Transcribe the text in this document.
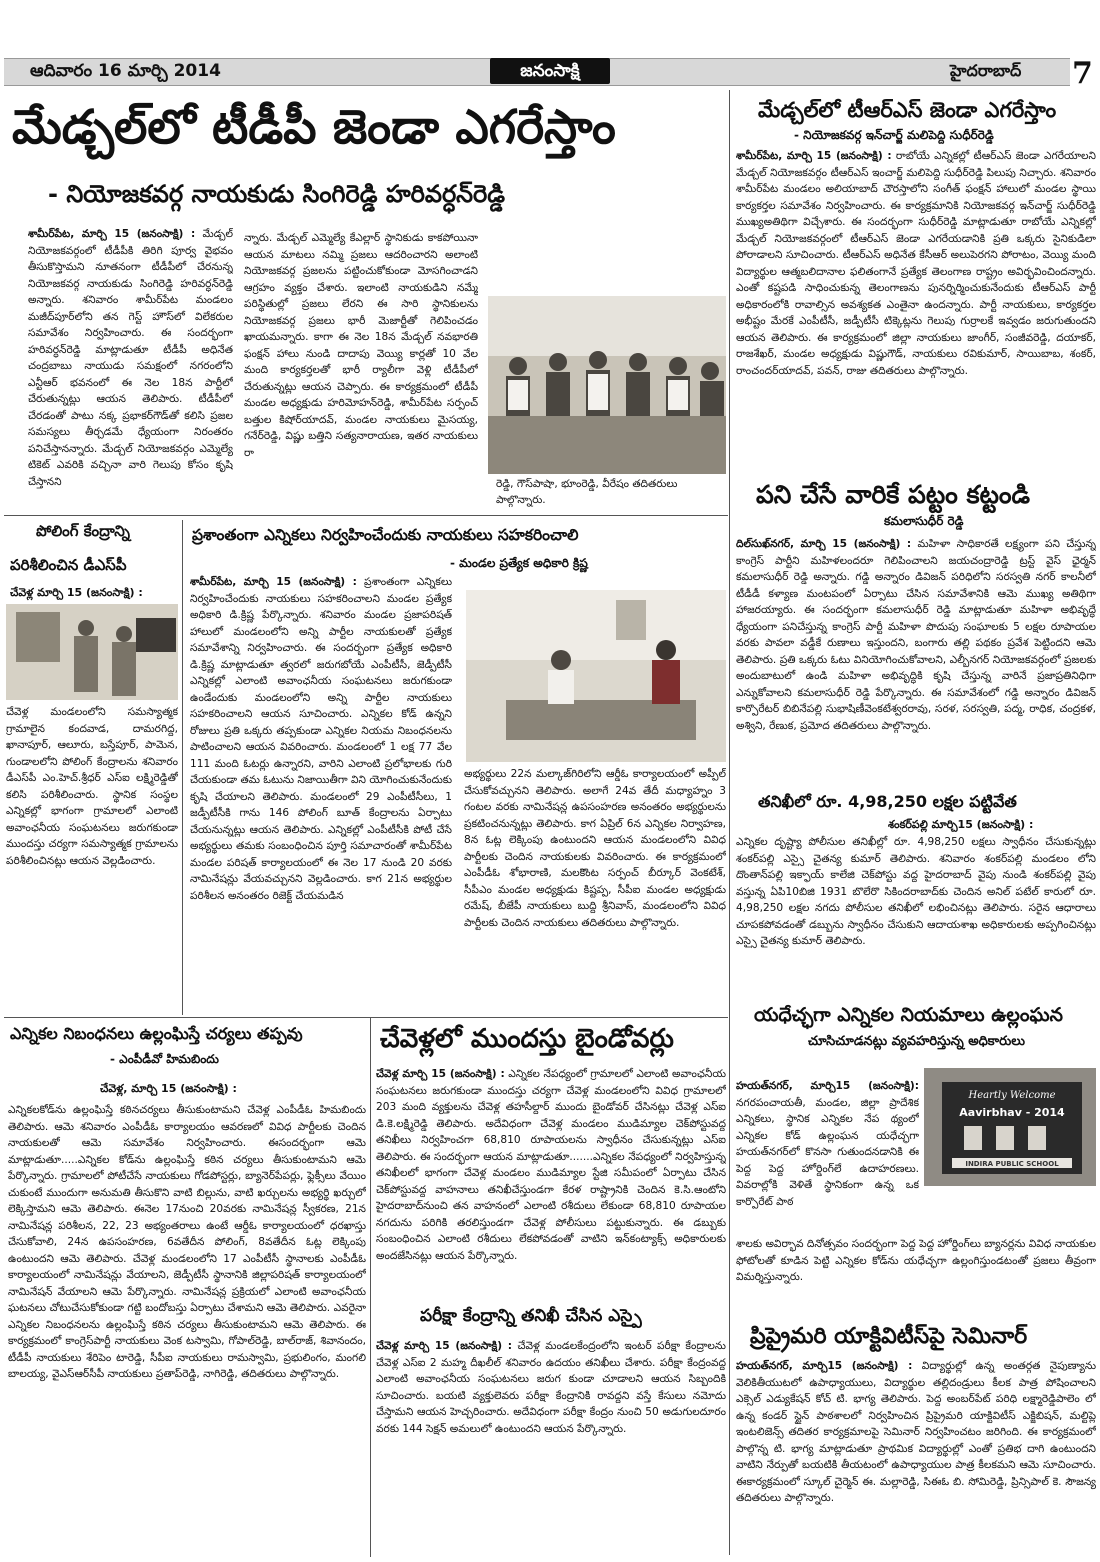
ఆదివారం 16 మార్చి 2014	జనంసాక్షి	హైదరాబాద్ 7
మేడ్చల్‌లో టీడీపీ జెండా ఎగరేస్తాం
- నియోజకవర్గ నాయకుడు సింగిరెడ్డి హరివర్ధన్‌రెడ్డి
శామీర్‌పేట, మార్చి 15 (జనంసాక్షి) : మేడ్చల్ నియోజకవర్గంలో టీడీపీకి తిరిగి పూర్వ వైభవం తీసుకొస్తామని నూతనంగా టీడీపీలో చేరనున్న నియోజకవర్గ నాయకుడు సింగిరెడ్డి హరివర్ధన్‌రెడ్డి అన్నారు. శనివారం శామీర్‌పేట మండలం మజీద్‌పూర్‌లోని తన గెస్ట్ హౌస్‌లో విలేకరుల సమావేశం నిర్వహించారు. ఈ సందర్భంగా హరివర్ధన్‌రెడ్డి మాట్లాడుతూ టీడీపీ అధినేత చంద్రబాబు నాయుడు సమక్షంలో నగరంలోని ఎన్టీఆర్ భవనంలో ఈ నెల 18న పార్టీలో చేరుతున్నట్లు ఆయన తెలిపారు. టీడీపీలో చేరడంతో పాటు నక్క ప్రభాకర్‌గౌడ్‌తో కలిసి ప్రజల సమస్యలు తీర్చడమే ధ్యేయంగా నిరంతరం పనిచేస్తానన్నారు. మేడ్చల్ నియోజకవర్గం ఎమ్మెల్యే టికెట్ ఎవరికి వచ్చినా వారి గెలుపు కోసం కృషి చేస్తానని
న్నారు. మేడ్చల్ ఎమ్మెల్యే కేఎల్లార్ స్థానికుడు కాకపోయినా ఆయన మాటలు నమ్మి ప్రజలు ఆదరించారని అలాంటి నియోజకవర్గ ప్రజలను పట్టించుకోకుండా మోసగించాడని ఆగ్రహం వ్యక్తం చేశారు. ఇలాంటి నాయకుడిని నమ్మే పరిస్థితుల్లో ప్రజలు లేరని ఈ సారి స్థానికులను నియోజకవర్గ ప్రజలు భారీ మెజార్టీతో గెలిపించడం ఖాయమన్నారు. కాగా ఈ నెల 18న మేడ్చల్ నవభారతి ఫంక్షన్ హాలు నుండి దాదాపు వెయ్యి కార్లతో 10 వేల మంది కార్యకర్తలతో భారీ ర్యాలీగా వెళ్లి టీడీపీలో చేరుతున్నట్లు ఆయన చెప్పారు. ఈ కార్యక్రమంలో టీడీపీ మండల అధ్యక్షుడు హరిమోహన్‌రెడ్డి, శామీర్‌పేట సర్పంచ్ బత్తుల కిషోర్‌యాదవ్, మండల నాయకులు మైసయ్య, గనేర్‌రెడ్డి, విష్ణు బత్తిని సత్యనారాయణ, ఇతర నాయకులు రా
రెడ్డి, గౌస్‌పాషా, భూంరెడ్డి, వీరేషం తదితరులు పాల్గొన్నారు.
మేడ్చల్‌లో టీఆర్‌ఎస్ జెండా ఎగరేస్తాం
- నియోజకవర్గ ఇన్‌చార్జ్ మలిపెద్ది సుధీర్‌రెడ్డి
శామీర్‌పేట, మార్చి 15 (జనంసాక్షి) : రాబోయే ఎన్నికల్లో టీఆర్‌ఎస్ జెండా ఎగరేయాలని మేడ్చల్ నియోజకవర్గం టీఆర్‌ఎస్ ఇంచార్జ్ మలిపెద్ది సుధీర్‌రెడ్డి పిలుపు నిచ్చారు. శనివారం శామీర్‌పేట మండలం అలియాబాద్ చౌరస్తాలోని సంగీత్ ఫంక్షన్ హాలులో మండల స్థాయి కార్యకర్తల సమావేశం నిర్వహించారు. ఈ కార్యక్రమానికి నియోజకవర్గ ఇన్‌చార్జ్ సుధీర్‌రెడ్డి ముఖ్యఅతిథిగా విచ్చేశారు. ఈ సందర్భంగా సుధీర్‌రెడ్డి మాట్లాడుతూ రాబోయే ఎన్నికల్లో మేడ్చల్ నియోజకవర్గంలో టీఆర్‌ఎస్ జెండా ఎగరేయడానికి ప్రతి ఒక్కరు సైనికుడిలా పోరాడాలని సూచించారు. టీఆర్‌ఎస్ అధినేత కేసీఆర్ అలుపెరగని పోరాటం, వెయ్యి మంది విద్యార్థుల ఆత్మబలిదానాల ఫలితంగానే ప్రత్యేక తెలంగాణ రాష్ట్రం అవిర్భవించిందన్నారు. ఎంతో కష్టపడి సాధించుకున్న తెలంగాణను పునర్నిర్మించుకునేందుకు టీఆర్‌ఎస్ పార్టీ అధికారంలోకి రావాల్సిన అవశ్యకత ఎంతైనా ఉందన్నారు. పార్టీ నాయకులు, కార్యకర్తల అభీష్టం మేరకే ఎంపీటీసీ, జడ్పీటీసీ టిక్కెట్లను గెలుపు గుర్రాలకే ఇవ్వడం జరుగుతుందని ఆయన తెలిపారు. ఈ కార్యక్రమంలో జిల్లా నాయకులు జాంగీర్, సంజీవరెడ్డి, దయాకర్, రాజశేఖర్, మండల అధ్యక్షుడు విష్ణుగౌడ్, నాయకులు రవికుమార్, సాయిబాబ, శంకర్, రాంచందర్‌యాదవ్, పవన్, రాజు తదితరులు పాల్గొన్నారు.
పని చేసే వారికే పట్టం కట్టండి
కమలాసుధీర్ రెడ్డి
దిల్‌సుఖ్‌నగర్, మార్చి 15 (జనంసాక్షి) : మహిళా సాధికారతే లక్ష్యంగా పని చేస్తున్న కాంగ్రెస్ పార్టీని మహిళలందరూ గెలిపించాలని జయచంద్రారెడ్డి ట్రస్ట్ వైస్ ఛైర్మన్ కమలాసుధీర్ రెడ్డి అన్నారు. గడ్డి అన్నారం డివిజన్ పరిధిలోని సరస్వతి నగర్ కాలనీలో టీడీడీ కళ్యాణ మంటపంలో ఏర్పాటు చేసిన సమావేశానికి ఆమె ముఖ్య అతిథిగా హాజరయ్యారు. ఈ సందర్భంగా కమలాసుధీర్ రెడ్డి మాట్లాడుతూ మహిళా అభివృద్ధే ధ్యేయంగా పనిచేస్తున్న కాంగ్రెస్ పార్టీ మహిళా పొదుపు సంఘాలకు 5 లక్షల రూపాయల వరకు పావలా వడ్డీకే రుణాలు ఇస్తుందని, బంగారు తల్లి పథకం ప్రవేశ పెట్టిందని ఆమె తెలిపారు. ప్రతి ఒక్కరు ఓటు వినియోగించుకోవాలని, ఎల్బీనగర్ నియోజకవర్గంలో ప్రజలకు అందుబాటులో ఉండి మహిళా అభివృద్ధికి కృషి చేస్తున్న వారినే ప్రజాప్రతినిధిగా ఎన్నుకోవాలని కమలాసుధీర్ రెడ్డి పేర్కొన్నారు. ఈ సమావేశంలో గడ్డి అన్నారం డివిజన్ కార్పొరేటర్ బిబినేపల్లి సుభాషిణీవెంకటేశ్వరరావు, సరళ, సరస్వతి, పద్మ, రాధిక, చంద్రకళ, అశ్విని, రేణుక, ప్రమోద తదితరులు పాల్గొన్నారు.
తనిఖీలో రూ. 4,98,250 లక్షల పట్టివేత
శంకర్‌పల్లి మార్చి15 (జనంసాక్షి) :
ఎన్నికల దృష్ట్యా పోలీసుల తనిఖీల్లో రూ. 4,98,250 లక్షలు స్వాధీనం చేసుకున్నట్లు శంకర్‌పల్లి ఎస్సై చైతన్య కుమార్ తెలిపారు. శనివారం శంకర్‌పల్లి మండలం లోని దొంతాన్‌పల్లి ఇక్ఫాయ్ కాలేజి చెక్‌పోస్టు వద్ద హైదరాబాద్ వైపు నుండి శంకర్‌పల్లి వైపు వస్తున్న ఏపి10బిజి 1931 బొలేరొ సికిందరాబాద్‌కు చెందిన అనిల్ పటేల్ కారులో రూ. 4,98,250 లక్షల నగదు పోలీసుల తనిఖీలో లభించినట్లు తెలిపారు. సరైన ఆధారాలు చూపకపోవడంతో డబ్బును స్వాధీనం చేసుకుని ఆదాయశాఖ అధికారులకు అప్పగించినట్లు ఎస్సై చైతన్య కుమార్ తెలిపారు.
యధేచ్ఛగా ఎన్నికల నియమాలు ఉల్లంఘన
చూసిచూడనట్లు వ్యవహరిస్తున్న అధికారులు
హయత్‌నగర్, మార్చి15 (జనంసాక్షి): నగరపంచాయతీ, మండల, జిల్లా ప్రాదేశిక ఎన్నికలు, స్థానిక ఎన్నికల నేప థ్యంలో ఎన్నికల కోడ్ ఉల్లంఘన యధేచ్ఛగా హయత్‌నగర్‌లో కొనసా గుతుందనడానికి ఈ పెద్ద పెద్ద హోర్డింగ్‌లే ఉదాహరణలు. వివరాల్లోకి వెళితే స్థానికంగా ఉన్న ఒక కార్పొరేట్ పాఠ
Heartly Welcome
Aavirbhav - 2014
INDIRA PUBLIC SCHOOL
శాలకు అవిర్భావ దినోత్సవం సందర్భంగా పెద్ద పెద్ద హోర్డింగ్‌లు బ్యానర్లను వివిధ నాయకుల ఫోటోలతో కూడిన పెట్టి ఎన్నికల కోడ్‌ను యధేచ్ఛగా ఉల్లంగిస్తుండటంతో ప్రజలు తీవ్రంగా విమర్శిస్తున్నారు.
ప్రిప్రైమరి యాక్టివిటీస్‌పై సెమినార్
హయత్‌నగర్, మార్చి15 (జనంసాక్షి) : విద్యార్థుల్లో ఉన్న అంతర్గత నైపుణ్యాను వెలికితీయుటలో ఉపాధ్యాయులు, విద్యార్థుల తల్లిదండ్రులు కీలక పాత్ర పోషించాలని ఎక్సెల్ ఎడ్యుకేషన్ కోచ్ టి. భాగ్య తెలిపారు. పెద్ద అంబర్‌పేట్ పరిధి లక్ష్మారెడ్డిపాలెం లో ఉన్న కండర్ స్టైన్ పాఠశాలలో నిర్వహించిన ప్రిప్రైమరి యాక్టివిటీస్ ఎక్జిబిషన్, మల్టిప్లె ఇంటలిజెన్స్ తదితర కార్యక్రమాలపై సెమినార్ నిర్వహించటం జరిగింది. ఈ కార్యక్రమంలో పాల్గొన్న టి. భాగ్య మాట్లాడుతూ ప్రాథమిక విద్యార్థుల్లో ఎంతో ప్రతిభ దాగి ఉంటుందని వాటిని నేర్పుతో బయటికి తీయటంలో ఉపాధ్యాయుల పాత్ర కీలకమని ఆమె సూచించారు. ఈకార్యక్రమంలో స్కూల్ చైర్మెన్ ఈ. మల్లారెడ్డి, సిఈఓ బి. సోమిరెడ్డి, ప్రిన్సిపాల్ కె. సౌజన్య తదితరులు పాల్గొన్నారు.
పోలింగ్ కేంద్రాన్ని
పరిశీలించిన డీఎస్‌పీ
చేవెళ్ల మార్చి 15 (జనంసాక్షి) :
చేవెళ్ల మండలంలోని సమస్యాత్మక గ్రామాలైన కందవాడ, దామరగిద్ద, ఖానాపూర్, ఆలూరు, బస్తేపూర్, పామెన, గుండాలలోని పోలింగ్ కేంద్రాలను శనివారం డీఎస్‌పీ ఎం.హెచ్.శ్రీధర్ ఎస్‌ఐ లక్ష్మిరెడ్డితో కలిసి పరిశీలించారు. స్థానిక సంస్థల ఎన్నికల్లో భాగంగా గ్రామాలలో ఎలాంటి అవాంఛనీయ సంఘటనలు జరుగకుండా ముందస్తు చర్యగా సమస్యాత్మక గ్రామాలను పరిశీలించినట్లు ఆయన వెల్లడించారు.
ప్రశాంతంగా ఎన్నికలు నిర్వహించేందుకు నాయకులు సహకరించాలి
- మండల ప్రత్యేక అధికారి క్రిష్ణ
శామీర్‌పేట, మార్చి 15 (జనంసాక్షి) : ప్రశాంతంగా ఎన్నికలు నిర్వహించేందుకు నాయకులు సహకరించాలని మండల ప్రత్యేక అధికారి డి.క్రిష్ణ పేర్కొన్నారు. శనివారం మండల ప్రజాపరిషత్ హాలులో మండలంలోని అన్ని పార్టీల నాయకులతో ప్రత్యేక సమావేశాన్ని నిర్వహించారు. ఈ సందర్భంగా ప్రత్యేక అధికారి డి.క్రిష్ణ మాట్లాడుతూ త్వరలో జరుగబోయే ఎంపీటీసీ, జెడ్పీటీసీ ఎన్నికల్లో ఎలాంటి అవాంఛనీయ సంఘటనలు జరుగకుండా ఉండేందుకు మండలంలోని అన్ని పార్టీల నాయకులు సహకరించాలని ఆయన సూచించారు. ఎన్నికల కోడ్ ఉన్నని రోజులు ప్రతి ఒక్కరు తప్పకుండా ఎన్నికల నియమ నిబంధనలను పాటించాలని ఆయన వివరించారు. మండలంలో 1 లక్ష 77 వేల 111 మంది ఓటర్లు ఉన్నారని, వారిని ఎలాంటి ప్రలోభాలకు గురి చేయకుండా తమ ఓటును నిజాయితీగా విని యోగించుకునేందుకు కృషి చేయాలని తెలిపారు. మండలంలో 29 ఎంపీటీసీలు, 1 జడ్పీటీసీకి గాను 146 పోలింగ్ బూత్ కేంద్రాలను ఏర్పాటు చేయనున్నట్లు ఆయన తెలిపారు. ఎన్నికల్లో ఎంపీటీసీకి పోటీ చేసే అభ్యర్థులు తమకు సంబంధించిన పూర్తి సమాచారంతో శామీర్‌పేట మండల పరిషత్ కార్యాలయంలో ఈ నెల 17 నుండి 20 వరకు నామినేషన్లు వేయవచ్చునని వెల్లడించారు. కాగ 21న అభ్యర్థుల పరిశీలన అనంతరం రిజెక్ట్ చేయమడిన
అభ్యర్థులు 22న మల్కాజ్‌గిరిలోని ఆర్డీఓ కార్యాలయంలో అప్పీల్ చేసుకోవచ్చునని తెలిపారు. అలాగే 24వ తేదీ మధ్యాహ్నం 3 గంటల వరకు నామినేషన్ల ఉపసంహరణ అనంతరం అభ్యర్థులను ప్రకటించనున్నట్లు తెలిపారు. కాగ ఏప్రిల్ 6న ఎన్నికల నిర్వాహణ, 8న ఓట్ల లెక్కింపు ఉంటుందని ఆయన మండలంలోని వివిధ పార్టీలకు చెందిన నాయకులకు వివరించారు. ఈ కార్యక్రమంలో ఎంపీడీఓ శోభారాణి, మలకెొంట సర్పంచ్ బీర్కూర్ వెంకటేశ్, సీపీఎం మండల అధ్యక్షుడు కిష్టప్ప, సీపీఐ మండల అధ్యక్షుడు రమేష్, బీజేపీ నాయకులు బుద్ది శ్రీనివాస్, మండలంలోని వివిధ పార్టీలకు చెందిన నాయకులు తదితరులు పాల్గొన్నారు.
ఎన్నికల నిబంధనలు ఉల్లంఘిస్తే చర్యలు తప్పవు
- ఎంపీడీవో హిమబిందు
చేవెళ్ల, మార్చి 15 (జనంసాక్షి) :
ఎన్నికలకోడ్‌ను ఉల్లంఘిస్తే కఠినచర్యలు తీసుకుంటామని చేవెళ్ల ఎంపీడీఓ హిమబిందు తెలిపారు. ఆమె శనివారం ఎంపీడీఓ కార్యాలయం ఆవరణలో వివిధ పార్టీలకు చెందిన నాయకులతో ఆమె సమావేశం నిర్వహించారు. ఈసందర్భంగా ఆమె మాట్లాడుతూ.....ఎన్నికల కోడ్‌ను ఉల్లంఘిస్తే కఠిన చర్యలు తీసుకుంటామని ఆమె పేర్కొన్నారు. గ్రామాలలో పోటీచేసే నాయకులు గోడపోస్టర్లు, బ్యానెర్‌పేపర్లు, ఫ్లెక్సీలు వేయిం చుకుంటే ముందుగా అనుమతి తీసుకొని వాటి బిల్లును, వాటి ఖర్చులను అభ్యర్థి ఖర్చులో లెక్కిస్తామని ఆమె తెలిపారు. ఈనెల 17నుంచి 20వరకు నామినేషన్ల స్వీకరణ, 21న నామినేషన్ల పరిశీలన, 22, 23 అభ్యంతరాలు ఉంటే ఆర్డీఓ కార్యాలయంలో ధరఖాస్తు చేసుకోవాలి, 24న ఉపసంహరణ, 6వతేదీన పోలింగ్, 8వతేదీన ఓట్ల లెక్కింపు ఉంటుందని ఆమె తెలిపారు. చేవెళ్ల మండలంలోని 17 ఎంపీటీసీ స్థానాలకు ఎంపీడీఓ కార్యాలయంలో నామినేషన్లు వేయాలని, జెడ్పీటీసీ స్థానానికి జిల్లాపరిషత్ కార్యాలయంలో నామినేషన్ వేయాలని ఆమె పేర్కొన్నారు. నామినేషన్ల ప్రక్రియలో ఎలాంటి అవాంఛనీయ ఘటనలు చోటుచేసుకోకుండా గట్టి బందోబస్తు ఏర్పాటు చేశామని ఆమె తెలిపారు. ఎవరైనా ఎన్నికల నిబంధనలను ఉల్లంఘిస్తే కఠిన చర్యలు తీసుకుంటామని ఆమె తెలిపారు. ఈ కార్యక్రమంలో కాంగ్రెస్‌పార్టీ నాయకులు వెంక టస్వామి, గోపాల్‌రెడ్డి, బాల్‌రాజ్, శివానందం, టీడీపీ నాయకులు శేరిపెం టారెడ్డి, సీపీఐ నాయకులు రామస్వామి, ప్రభులింగం, మంగలి బాలయ్య, వైఎస్‌ఆర్‌సీపీ నాయకులు ప్రతాప్‌రెడ్డి, నాగిరెడ్డి, తదితరులు పాల్గొన్నారు.
చేవెళ్లలో ముందస్తు బైండోవర్లు
చేవెళ్ల మార్చి 15 (జనంసాక్షి) : ఎన్నికల నేపధ్యంలో గ్రామాలలో ఎలాంటి అవాంఛనీయ సంఘటనలు జరుగకుండా ముందస్తు చర్యగా చేవెళ్ల మండలంలోని వివిధ గ్రామాలలో 203 మంది వ్యక్తులను చేవెళ్ల తహసీల్దార్ ముందు బైండోవర్ చేసినట్లు చేవెళ్ల ఎస్‌ఐ డి.కె.లక్ష్మిరెడ్డి తెలిపారు. అదేవిధంగా చేవెళ్ల మండలం ముడిమ్యాల చెక్‌పోస్టువద్ద తనిఖీలు నిర్వహించగా 68,810 రూపాయలను స్వాధీనం చేసుకున్నట్లు ఎస్‌ఐ తెలిపారు. ఈ సందర్భంగా ఆయన మాట్లాడుతూ.......ఎన్నికల నేపధ్యంలో నిర్వహిస్తున్న తనిఖీలలో భాగంగా చేవెళ్ల మండలం ముడిమ్యాల స్టేజి సమీపంలో ఏర్పాటు చేసిన చెక్‌పోస్టువద్ద వాహనాలు తనిఖీచేస్తుండగా కేరళ రాష్ట్రానికి చెందిన కె.సి.ఆంటోని హైదరాబాద్‌నుంచి తన వాహనంలో ఎలాంటి రశీదులు లేకుండా 68,810 రూపాయల నగదును పరిగికి తరలిస్తుండగా చేవెళ్ల పోలీసులు పట్టుకున్నారు. ఈ డబ్బుకు సంబంధించిన ఎలాంటి రశీదులు లేకపోవడంతో వాటిని ఇన్‌కంట్యాక్స్ అధికారులకు అందజేసినట్లు ఆయన పేర్కొన్నారు.
పరీక్షా కేంద్రాన్ని తనిఖీ చేసిన ఎస్పై
చేవెళ్ల మార్చి 15 (జనంసాక్షి) : చేవెళ్ల మండలకేంద్రంలోని ఇంటర్ పరీక్షా కేంద్రాలను చేవెళ్ల ఎస్‌ఐ 2 మహ్మ దీఖలీల్ శనివారం ఉదయం తనిఖీలు చేశారు. పరీక్షా కేంద్రంవద్ద ఎలాంటి అవాంఛనీయ సంఘటనలు జరుగ కుండా చూడాలని ఆయన సిబ్బందికి సూచించారు. బయటి వ్యక్తులెవరు పరీక్షా కేంద్రానికి రావద్దని వస్తే కేసులు నమోదు చేస్తామని ఆయన హెచ్చరించారు. అదేవిధంగా పరీక్షా కేంద్రం నుంచి 50 అడుగులదూరం వరకు 144 సెక్షన్ అమలులో ఉంటుందని ఆయన పేర్కొన్నారు.
